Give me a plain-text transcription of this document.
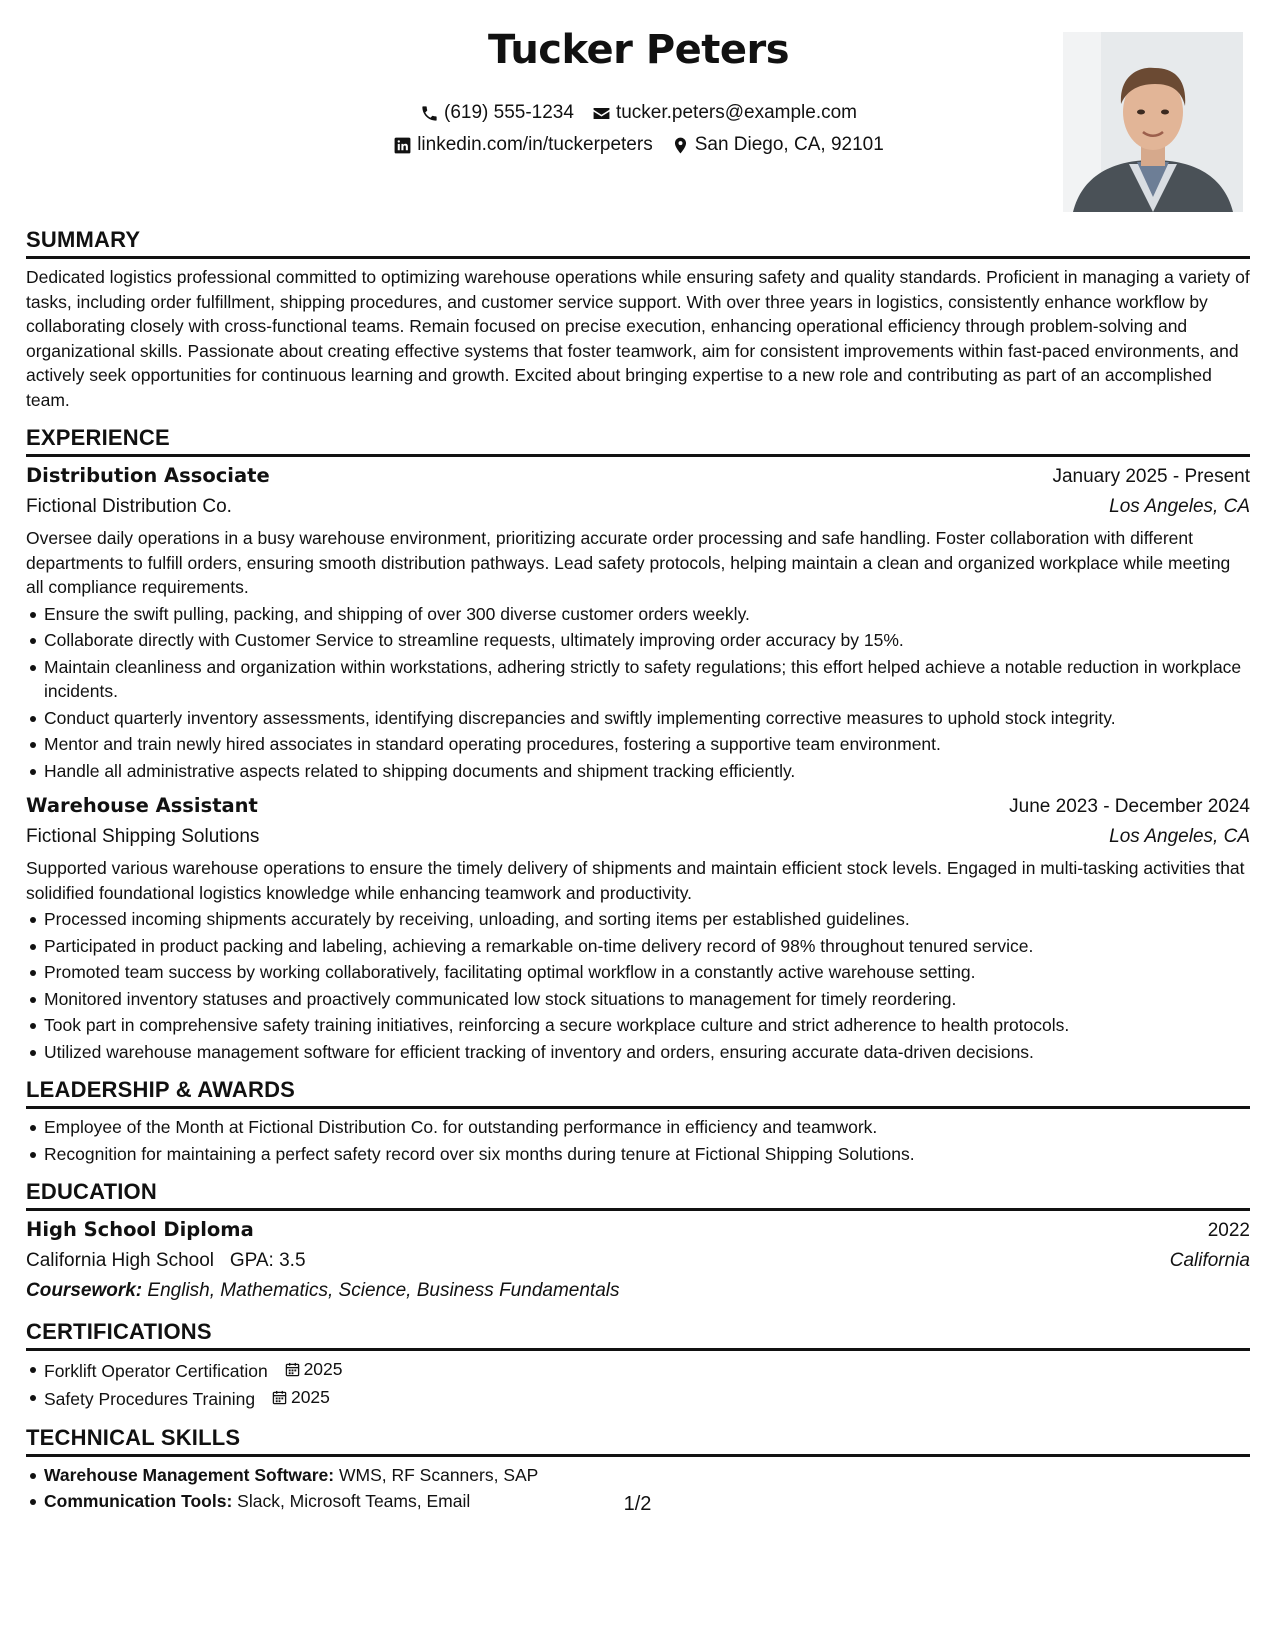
Tucker Peters
(619) 555-1234 tucker.peters@example.com
linkedin.com/in/tuckerpeters San Diego, CA, 92101
SUMMARY

Dedicated logistics professional committed to optimizing warehouse operations while ensuring safety and quality standards. Proficient in managing a variety of tasks, including order fulfillment, shipping procedures, and customer service support. With over three years in logistics, consistently enhance workflow by collaborating closely with cross-functional teams. Remain focused on precise execution, enhancing operational efficiency through problem-solving and organizational skills. Passionate about creating effective systems that foster teamwork, aim for consistent improvements within fast-paced environments, and actively seek opportunities for continuous learning and growth. Excited about bringing expertise to a new role and contributing as part of an accomplished team.

EXPERIENCE
Distribution Associate	January 2025 - Present
Fictional Distribution Co.	Los Angeles, CA

Oversee daily operations in a busy warehouse environment, prioritizing accurate order processing and safe handling. Foster collaboration with different departments to fulfill orders, ensuring smooth distribution pathways. Lead safety protocols, helping maintain a clean and organized workplace while meeting all compliance requirements.

Ensure the swift pulling, packing, and shipping of over 300 diverse customer orders weekly.
Collaborate directly with Customer Service to streamline requests, ultimately improving order accuracy by 15%.
Maintain cleanliness and organization within workstations, adhering strictly to safety regulations; this effort helped achieve a notable reduction in workplace incidents.
Conduct quarterly inventory assessments, identifying discrepancies and swiftly implementing corrective measures to uphold stock integrity.
Mentor and train newly hired associates in standard operating procedures, fostering a supportive team environment.
Handle all administrative aspects related to shipping documents and shipment tracking efficiently.
Warehouse Assistant	June 2023 - December 2024
Fictional Shipping Solutions	Los Angeles, CA

Supported various warehouse operations to ensure the timely delivery of shipments and maintain efficient stock levels. Engaged in multi-tasking activities that solidified foundational logistics knowledge while enhancing teamwork and productivity.

Processed incoming shipments accurately by receiving, unloading, and sorting items per established guidelines.
Participated in product packing and labeling, achieving a remarkable on-time delivery record of 98% throughout tenured service.
Promoted team success by working collaboratively, facilitating optimal workflow in a constantly active warehouse setting.
Monitored inventory statuses and proactively communicated low stock situations to management for timely reordering.
Took part in comprehensive safety training initiatives, reinforcing a secure workplace culture and strict adherence to health protocols.
Utilized warehouse management software for efficient tracking of inventory and orders, ensuring accurate data-driven decisions.
LEADERSHIP & AWARDS
Employee of the Month at Fictional Distribution Co. for outstanding performance in efficiency and teamwork.
Recognition for maintaining a perfect safety record over six months during tenure at Fictional Shipping Solutions.
EDUCATION
High School Diploma	2022
California High School GPA: 3.5	California
Coursework: English, Mathematics, Science, Business Fundamentals
CERTIFICATIONS
Forklift Operator Certification 2025
Safety Procedures Training 2025
TECHNICAL SKILLS
Warehouse Management Software: WMS, RF Scanners, SAP
Communication Tools: Slack, Microsoft Teams, Email	1/2
